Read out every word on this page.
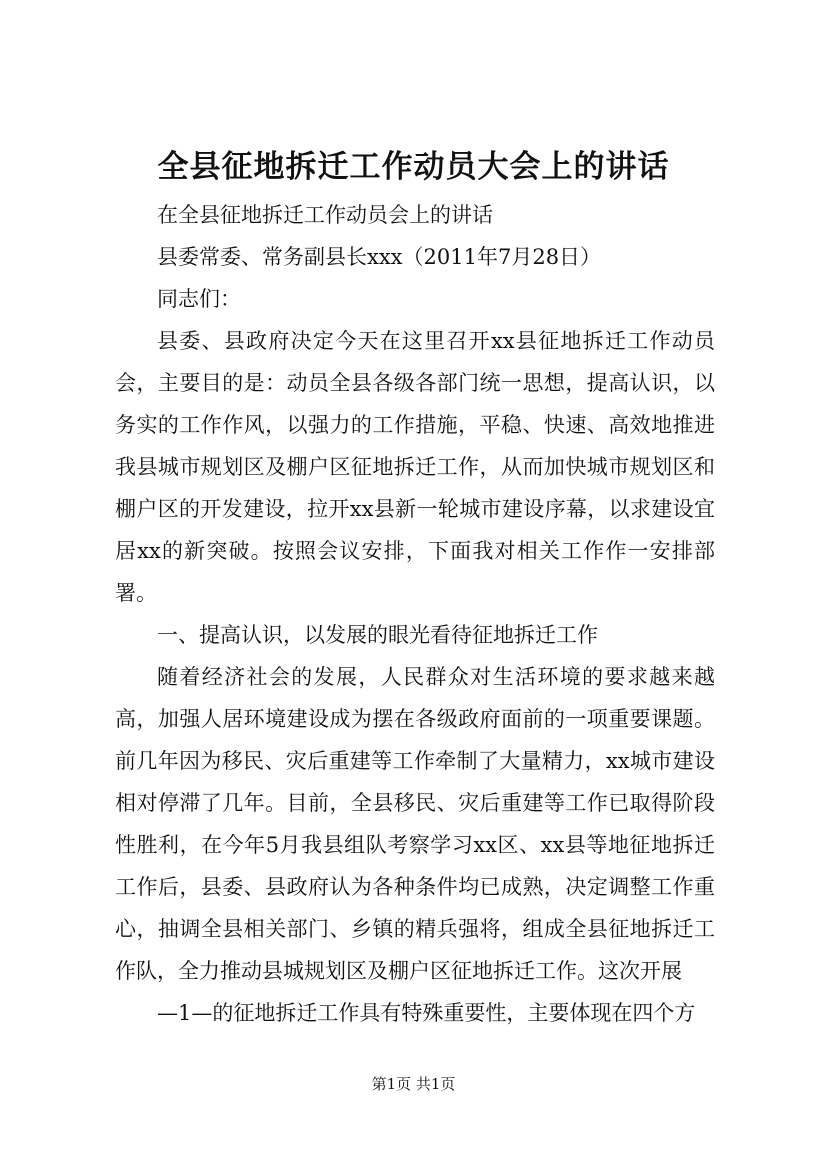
全县征地拆迁工作动员大会上的讲话

在全县征地拆迁工作动员会上的讲话

县委常委、常务副县长xxx（2011年7月28日）

同志们：

县委、县政府决定今天在这里召开xx县征地拆迁工作动员会，主要目的是：动员全县各级各部门统一思想，提高认识，以务实的工作作风，以强力的工作措施，平稳、快速、高效地推进我县城市规划区及棚户区征地拆迁工作，从而加快城市规划区和棚户区的开发建设，拉开xx县新一轮城市建设序幕，以求建设宜居xx的新突破。按照会议安排，下面我对相关工作作一安排部署。

一、提高认识，以发展的眼光看待征地拆迁工作

随着经济社会的发展，人民群众对生活环境的要求越来越高，加强人居环境建设成为摆在各级政府面前的一项重要课题。前几年因为移民、灾后重建等工作牵制了大量精力，xx城市建设相对停滞了几年。目前，全县移民、灾后重建等工作已取得阶段性胜利，在今年5月我县组队考察学习xx区、xx县等地征地拆迁工作后，县委、县政府认为各种条件均已成熟，决定调整工作重心，抽调全县相关部门、乡镇的精兵强将，组成全县征地拆迁工作队，全力推动县城规划区及棚户区征地拆迁工作。这次开展

—1—的征地拆迁工作具有特殊重要性，主要体现在四个方

第1页 共1页
